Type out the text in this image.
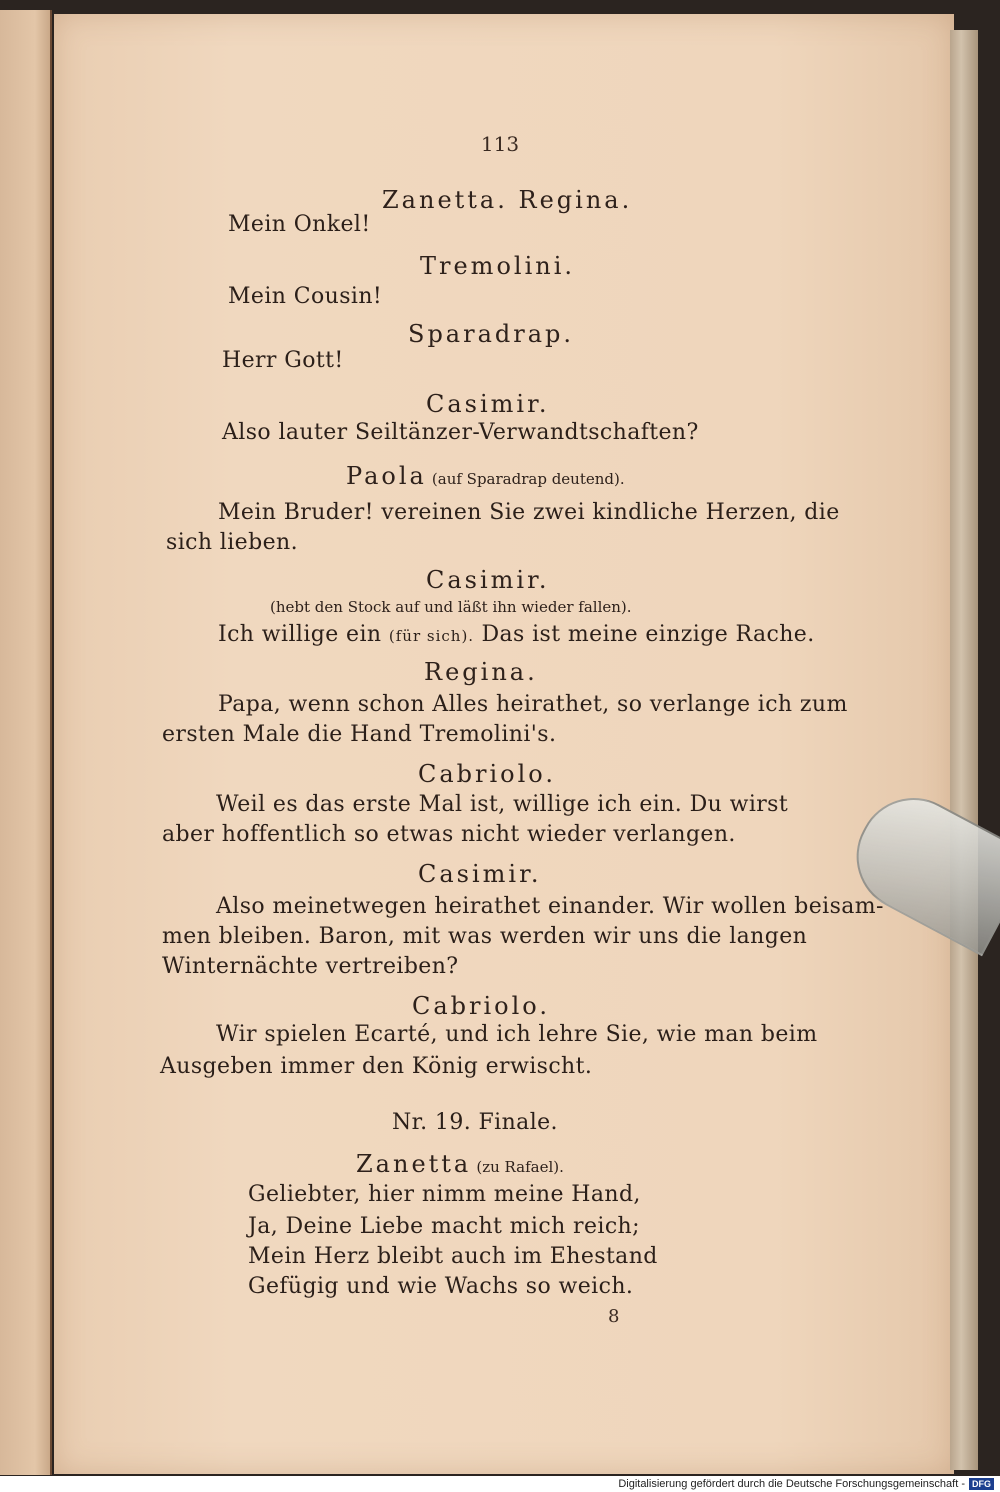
113
Zanetta. Regina.
Mein Onkel!
Tremolini.
Mein Cousin!
Sparadrap.
Herr Gott!
Casimir.
Also lauter Seiltänzer-Verwandtschaften?
Paola (auf Sparadrap deutend).
Mein Bruder! vereinen Sie zwei kindliche Herzen, die
sich lieben.
Casimir.
(hebt den Stock auf und läßt ihn wieder fallen).
Ich willige ein (für sich). Das ist meine einzige Rache.
Regina.
Papa, wenn schon Alles heirathet, so verlange ich zum
ersten Male die Hand Tremolini's.
Cabriolo.
Weil es das erste Mal ist, willige ich ein. Du wirst
aber hoffentlich so etwas nicht wieder verlangen.
Casimir.
Also meinetwegen heirathet einander. Wir wollen beisam-
men bleiben. Baron, mit was werden wir uns die langen
Winternächte vertreiben?
Cabriolo.
Wir spielen Ecarté, und ich lehre Sie, wie man beim
Ausgeben immer den König erwischt.
Nr. 19. Finale.
Zanetta (zu Rafael).
Geliebter, hier nimm meine Hand,
Ja, Deine Liebe macht mich reich;
Mein Herz bleibt auch im Ehestand
Gefügig und wie Wachs so weich.
8
Digitalisierung gefördert durch die Deutsche Forschungsgemeinschaft - DFG
